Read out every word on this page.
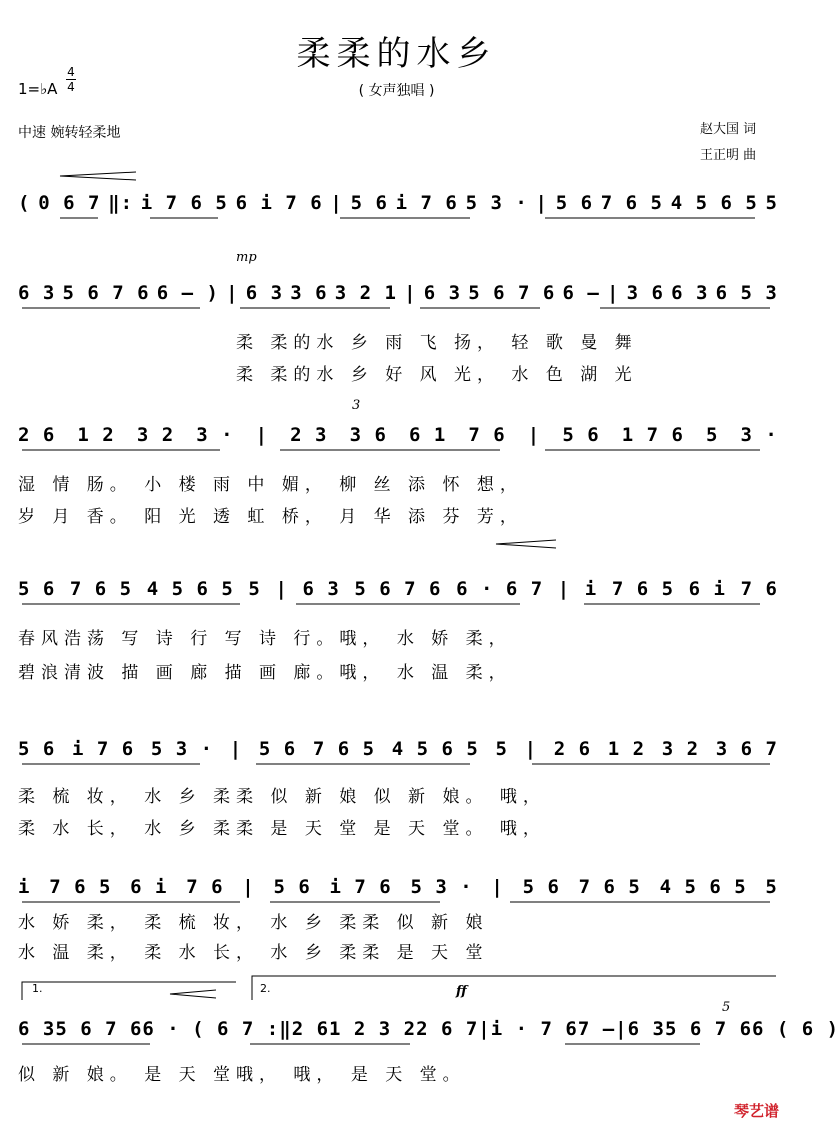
柔柔的水乡
( 女声独唱 )
1=♭A
4
4
中速 婉转轻柔地	赵大国 词
王正明 曲
( 0 6 7 ‖: i 7 6 5 6 i 7 6 | 5 6 i 7 6 5 3 · | 5 6 7 6 5 4 5 6 5 5
mp
6 3 5 6 7 6 6 – ) | 6 3 3 6 3 2 1 | 6 3 5 6 7 6 6 – | 3 6 6 3 6 5 3
柔 柔的水 乡 雨 飞 扬， 轻 歌 曼 舞
柔 柔的水 乡 好 风 光， 水 色 湖 光
3
2 6 1 2 3 2 3 · | 2 3 3 6 6 1 7 6 | 5 6 1 7 6 5 3 ·
湿 情 肠。 小 楼 雨 中 媚， 柳 丝 添 怀 想，
岁 月 香。 阳 光 透 虹 桥， 月 华 添 芬 芳，
5 6 7 6 5 4 5 6 5 5 | 6 3 5 6 7 6 6 · 6 7 | i 7 6 5 6 i 7 6
春风浩荡 写 诗 行 写 诗 行。哦， 水 娇 柔，
碧浪清波 描 画 廊 描 画 廊。哦， 水 温 柔，
5 6 i 7 6 5 3 · | 5 6 7 6 5 4 5 6 5 5 | 2 6 1 2 3 2 3 6 7
柔 梳 妆， 水 乡 柔柔 似 新 娘 似 新 娘。 哦，
柔 水 长， 水 乡 柔柔 是 天 堂 是 天 堂。 哦，
i 7 6 5 6 i 7 6 | 5 6 i 7 6 5 3 · | 5 6 7 6 5 4 5 6 5 5
水 娇 柔， 柔 梳 妆， 水 乡 柔柔 似 新 娘
水 温 柔， 柔 水 长， 水 乡 柔柔 是 天 堂
1.	2.	ff
5
6 3 5 6 7 6 6 · ( 6 7 :‖ 2 6 1 2 3 2 2 6 7 | i · 7 6 7 – | 6 3 5 6 7 6 6 ( 6 )
似 新 娘。 是 天 堂哦， 哦， 是 天 堂。
琴艺谱
